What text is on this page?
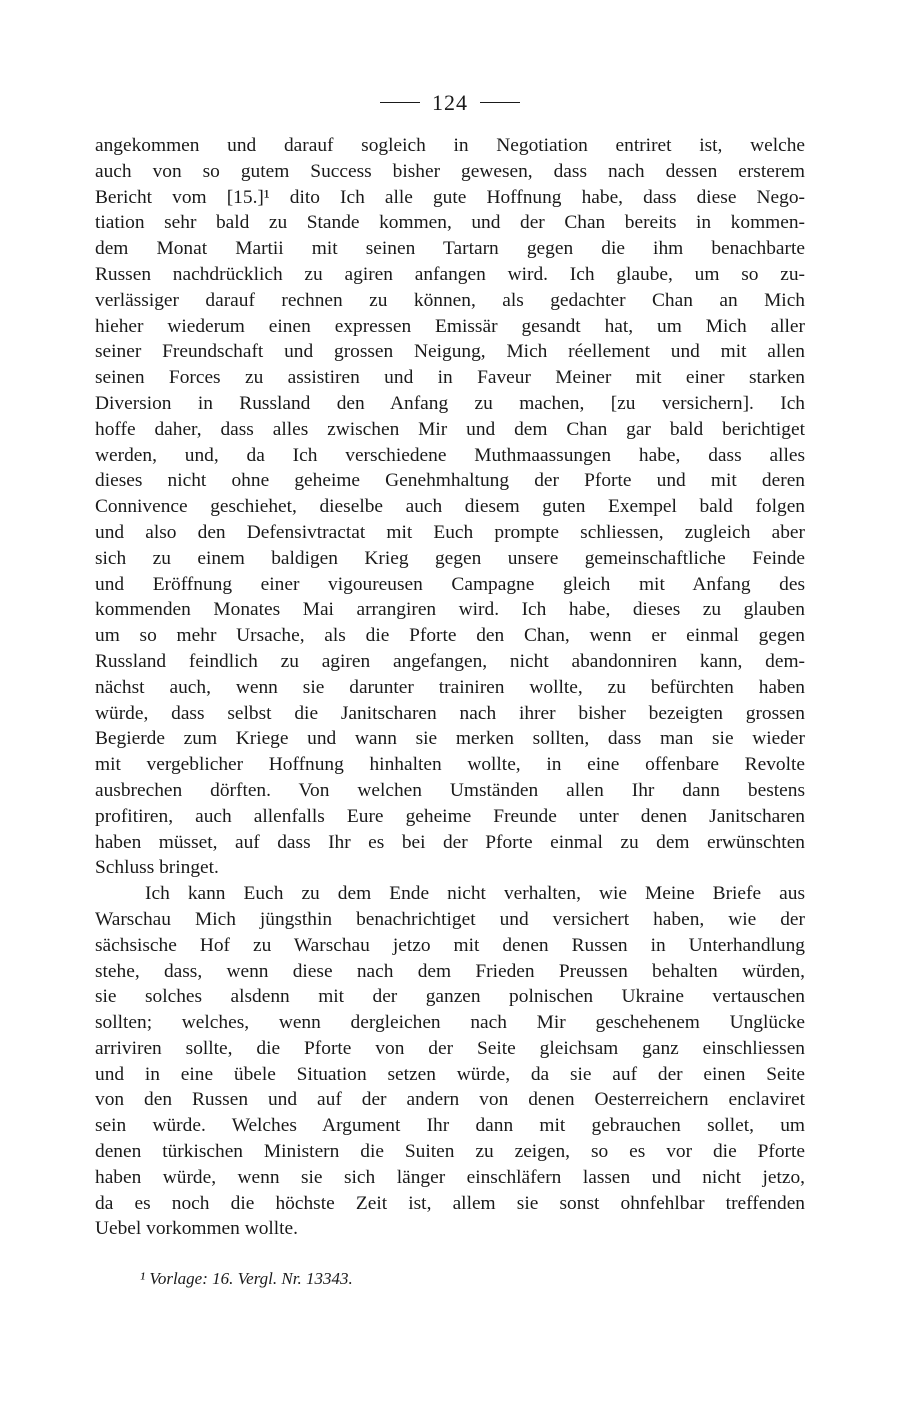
124
angekommen und darauf sogleich in Negotiation entriret ist, welche
auch von so gutem Success bisher gewesen, dass nach dessen ersterem
Bericht vom [15.]¹ dito Ich alle gute Hoffnung habe, dass diese Nego-
tiation sehr bald zu Stande kommen, und der Chan bereits in kommen-
dem Monat Martii mit seinen Tartarn gegen die ihm benachbarte
Russen nachdrücklich zu agiren anfangen wird. Ich glaube, um so zu-
verlässiger darauf rechnen zu können, als gedachter Chan an Mich
hieher wiederum einen expressen Emissär gesandt hat, um Mich aller
seiner Freundschaft und grossen Neigung, Mich réellement und mit allen
seinen Forces zu assistiren und in Faveur Meiner mit einer starken
Diversion in Russland den Anfang zu machen, [zu versichern]. Ich
hoffe daher, dass alles zwischen Mir und dem Chan gar bald berichtiget
werden, und, da Ich verschiedene Muthmaassungen habe, dass alles
dieses nicht ohne geheime Genehmhaltung der Pforte und mit deren
Connivence geschiehet, dieselbe auch diesem guten Exempel bald folgen
und also den Defensivtractat mit Euch prompte schliessen, zugleich aber
sich zu einem baldigen Krieg gegen unsere gemeinschaftliche Feinde
und Eröffnung einer vigoureusen Campagne gleich mit Anfang des
kommenden Monates Mai arrangiren wird. Ich habe, dieses zu glauben
um so mehr Ursache, als die Pforte den Chan, wenn er einmal gegen
Russland feindlich zu agiren angefangen, nicht abandonniren kann, dem-
nächst auch, wenn sie darunter trainiren wollte, zu befürchten haben
würde, dass selbst die Janitscharen nach ihrer bisher bezeigten grossen
Begierde zum Kriege und wann sie merken sollten, dass man sie wieder
mit vergeblicher Hoffnung hinhalten wollte, in eine offenbare Revolte
ausbrechen dörften. Von welchen Umständen allen Ihr dann bestens
profitiren, auch allenfalls Eure geheime Freunde unter denen Janitscharen
haben müsset, auf dass Ihr es bei der Pforte einmal zu dem erwünschten
Schluss bringet.
Ich kann Euch zu dem Ende nicht verhalten, wie Meine Briefe aus
Warschau Mich jüngsthin benachrichtiget und versichert haben, wie der
sächsische Hof zu Warschau jetzo mit denen Russen in Unterhandlung
stehe, dass, wenn diese nach dem Frieden Preussen behalten würden,
sie solches alsdenn mit der ganzen polnischen Ukraine vertauschen
sollten; welches, wenn dergleichen nach Mir geschehenem Unglücke
arriviren sollte, die Pforte von der Seite gleichsam ganz einschliessen
und in eine übele Situation setzen würde, da sie auf der einen Seite
von den Russen und auf der andern von denen Oesterreichern enclaviret
sein würde. Welches Argument Ihr dann mit gebrauchen sollet, um
denen türkischen Ministern die Suiten zu zeigen, so es vor die Pforte
haben würde, wenn sie sich länger einschläfern lassen und nicht jetzo,
da es noch die höchste Zeit ist, allem sie sonst ohnfehlbar treffenden
Uebel vorkommen wollte.
¹ Vorlage: 16. Vergl. Nr. 13343.
